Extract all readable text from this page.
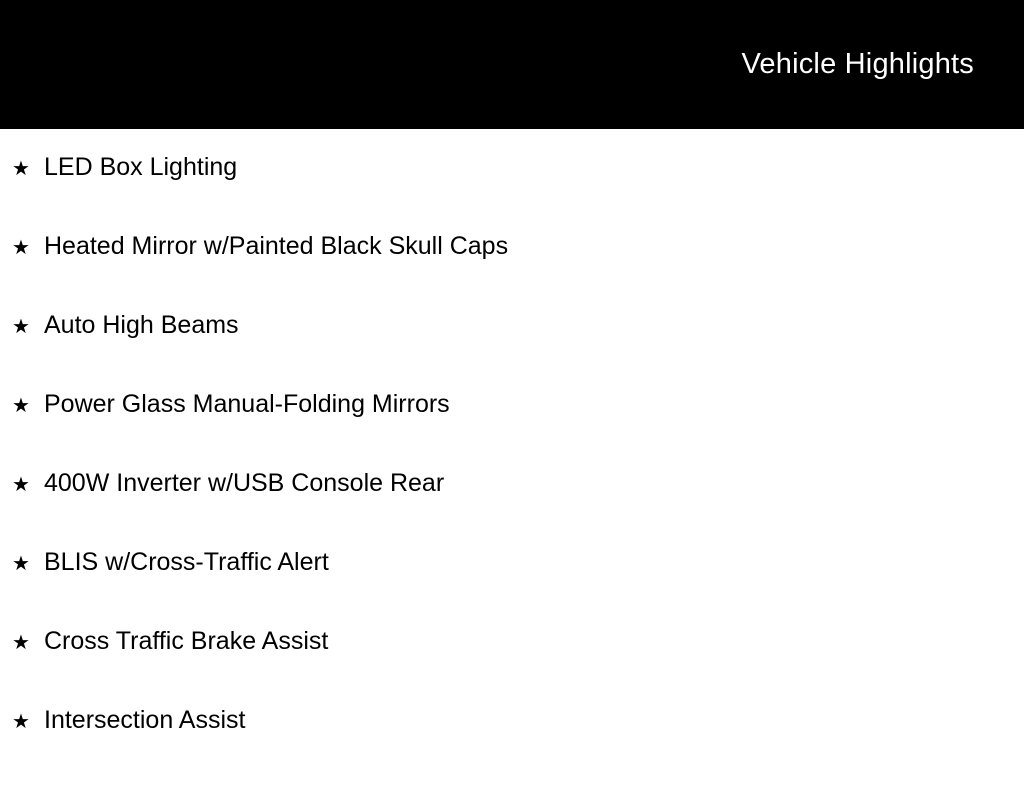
Vehicle Highlights
★ LED Box Lighting
★ Heated Mirror w/Painted Black Skull Caps
★ Auto High Beams
★ Power Glass Manual-Folding Mirrors
★ 400W Inverter w/USB Console Rear
★ BLIS w/Cross-Traffic Alert
★ Cross Traffic Brake Assist
★ Intersection Assist
